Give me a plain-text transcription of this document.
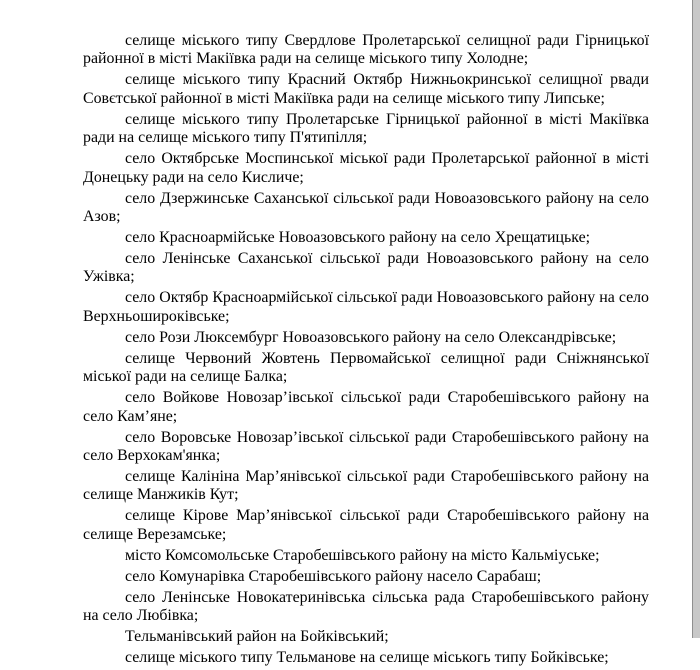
селище міського типу Свердлове Пролетарської селищної ради Гірницької районної в місті Макіївка ради на селище міського типу Холодне;

селище міського типу Красний Октябр Нижньокринської селищної рвади Совєтської районної в місті Макіївка ради на селище міського типу Липське;

селище міського типу Пролетарське Гірницької районної в місті Макіївка ради на селище міського типу П'ятипілля;

село Октябрське Моспинської міської ради Пролетарської районної в місті Донецьку ради на село Кисличе;

село Дзержинське Саханської сільської ради Новоазовського району на село Азов;

село Красноармійське Новоазовського району на село Хрещатицьке;

село Ленінське Саханської сільської ради Новоазовського району на село Ужівка;

село Октябр Красноармійської сільської ради Новоазовського району на село Верхньошироківське;

село Рози Люксембург Новоазовського району на село Олександрівське;

селище Червоний Жовтень Первомайської селищної ради Сніжнянської міської ради на селище Балка;

село Войкове Новозар’івської сільської ради Старобешівського району на село Кам’яне;

село Воровське Новозар’івської сільської ради Старобешівського району на село Верхокам'янка;

селище Калініна Мар’янівської сільської ради Старобешівського району на селище Манжиків Кут;

селище Кірове Мар’янівської сільської ради Старобешівського району на селище Верезамське;

місто Комсомольське Старобешівського району на місто Кальміуське;

село Комунарівка Старобешівського району насело Сарабаш;

село Ленінське Новокатеринівська сільська рада Старобешівського району на село Любівка;

Тельманівський район на Бойківський;

селище міського типу Тельманове на селище міськогь типу Бойківське;
